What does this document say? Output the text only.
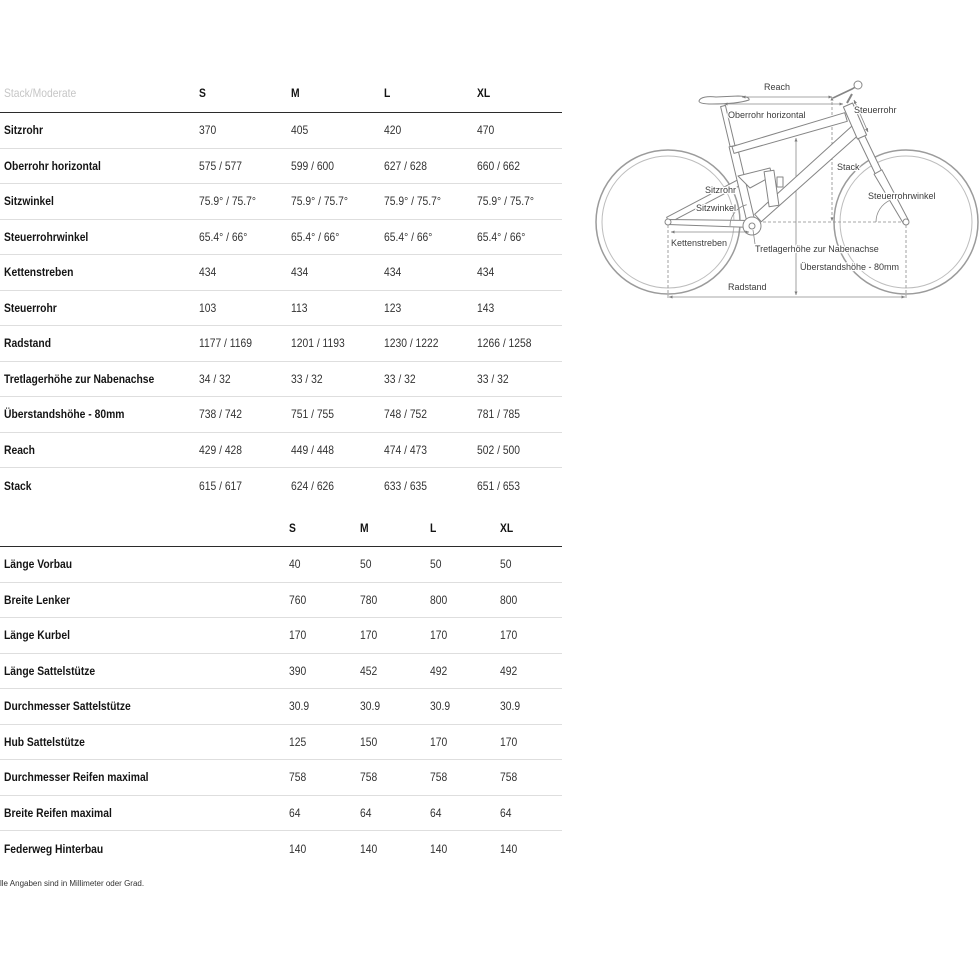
Stack/Moderate	S	M	L	XL
Sitzrohr	370	405	420	470
Oberrohr horizontal	575 / 577	599 / 600	627 / 628	660 / 662
Sitzwinkel	75.9° / 75.7°	75.9° / 75.7°	75.9° / 75.7°	75.9° / 75.7°
Steuerrohrwinkel	65.4° / 66°	65.4° / 66°	65.4° / 66°	65.4° / 66°
Kettenstreben	434	434	434	434
Steuerrohr	103	113	123	143
Radstand	1177 / 1169	1201 / 1193	1230 / 1222	1266 / 1258
Tretlagerhöhe zur Nabenachse	34 / 32	33 / 32	33 / 32	33 / 32
Überstandshöhe - 80mm	738 / 742	751 / 755	748 / 752	781 / 785
Reach	429 / 428	449 / 448	474 / 473	502 / 500
Stack	615 / 617	624 / 626	633 / 635	651 / 653
S	M	L	XL
Länge Vorbau	40	50	50	50
Breite Lenker	760	780	800	800
Länge Kurbel	170	170	170	170
Länge Sattelstütze	390	452	492	492
Durchmesser Sattelstütze	30.9	30.9	30.9	30.9
Hub Sattelstütze	125	150	170	170
Durchmesser Reifen maximal	758	758	758	758
Breite Reifen maximal	64	64	64	64
Federweg Hinterbau	140	140	140	140
lle Angaben sind in Millimeter oder Grad.
Reach
Oberrohr horizontal	Steuerrohr
Stack
Sitzrohr
Steuerrohrwinkel
Sitzwinkel
Kettenstreben
Tretlagerhöhe zur Nabenachse
Überstandshöhe - 80mm
Radstand
